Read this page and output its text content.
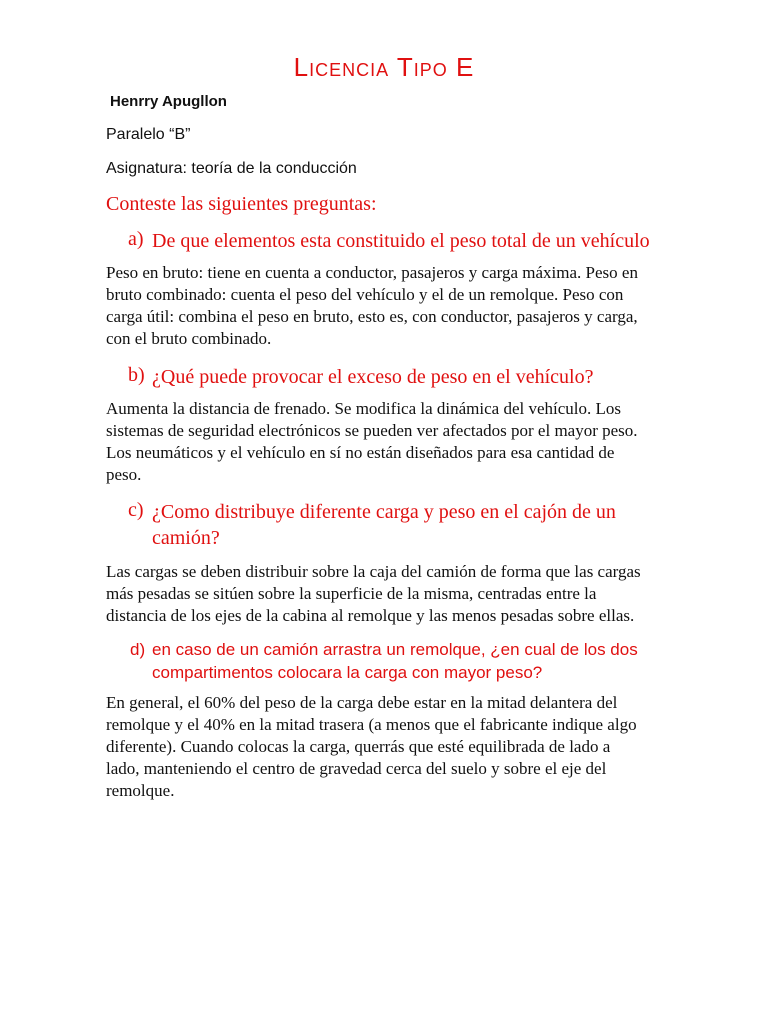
Licencia Tipo E
Henrry Apugllon
Paralelo “B”
Asignatura: teoría de la conducción
Conteste las siguientes preguntas:
a) De que elementos esta constituido el peso total de un vehículo
Peso en bruto: tiene en cuenta a conductor, pasajeros y carga máxima. Peso en
bruto combinado: cuenta el peso del vehículo y el de un remolque. Peso con
carga útil: combina el peso en bruto, esto es, con conductor, pasajeros y carga,
con el bruto combinado.
b) ¿Qué puede provocar el exceso de peso en el vehículo?
Aumenta la distancia de frenado. Se modifica la dinámica del vehículo. Los
sistemas de seguridad electrónicos se pueden ver afectados por el mayor peso.
Los neumáticos y el vehículo en sí no están diseñados para esa cantidad de
peso.
c) ¿Como distribuye diferente carga y peso en el cajón de un
camión?
Las cargas se deben distribuir sobre la caja del camión de forma que las cargas
más pesadas se sitúen sobre la superficie de la misma, centradas entre la
distancia de los ejes de la cabina al remolque y las menos pesadas sobre ellas.
d) en caso de un camión arrastra un remolque, ¿en cual de los dos
compartimentos colocara la carga con mayor peso?
En general, el 60% del peso de la carga debe estar en la mitad delantera del
remolque y el 40% en la mitad trasera (a menos que el fabricante indique algo
diferente). Cuando colocas la carga, querrás que esté equilibrada de lado a
lado, manteniendo el centro de gravedad cerca del suelo y sobre el eje del
remolque.
